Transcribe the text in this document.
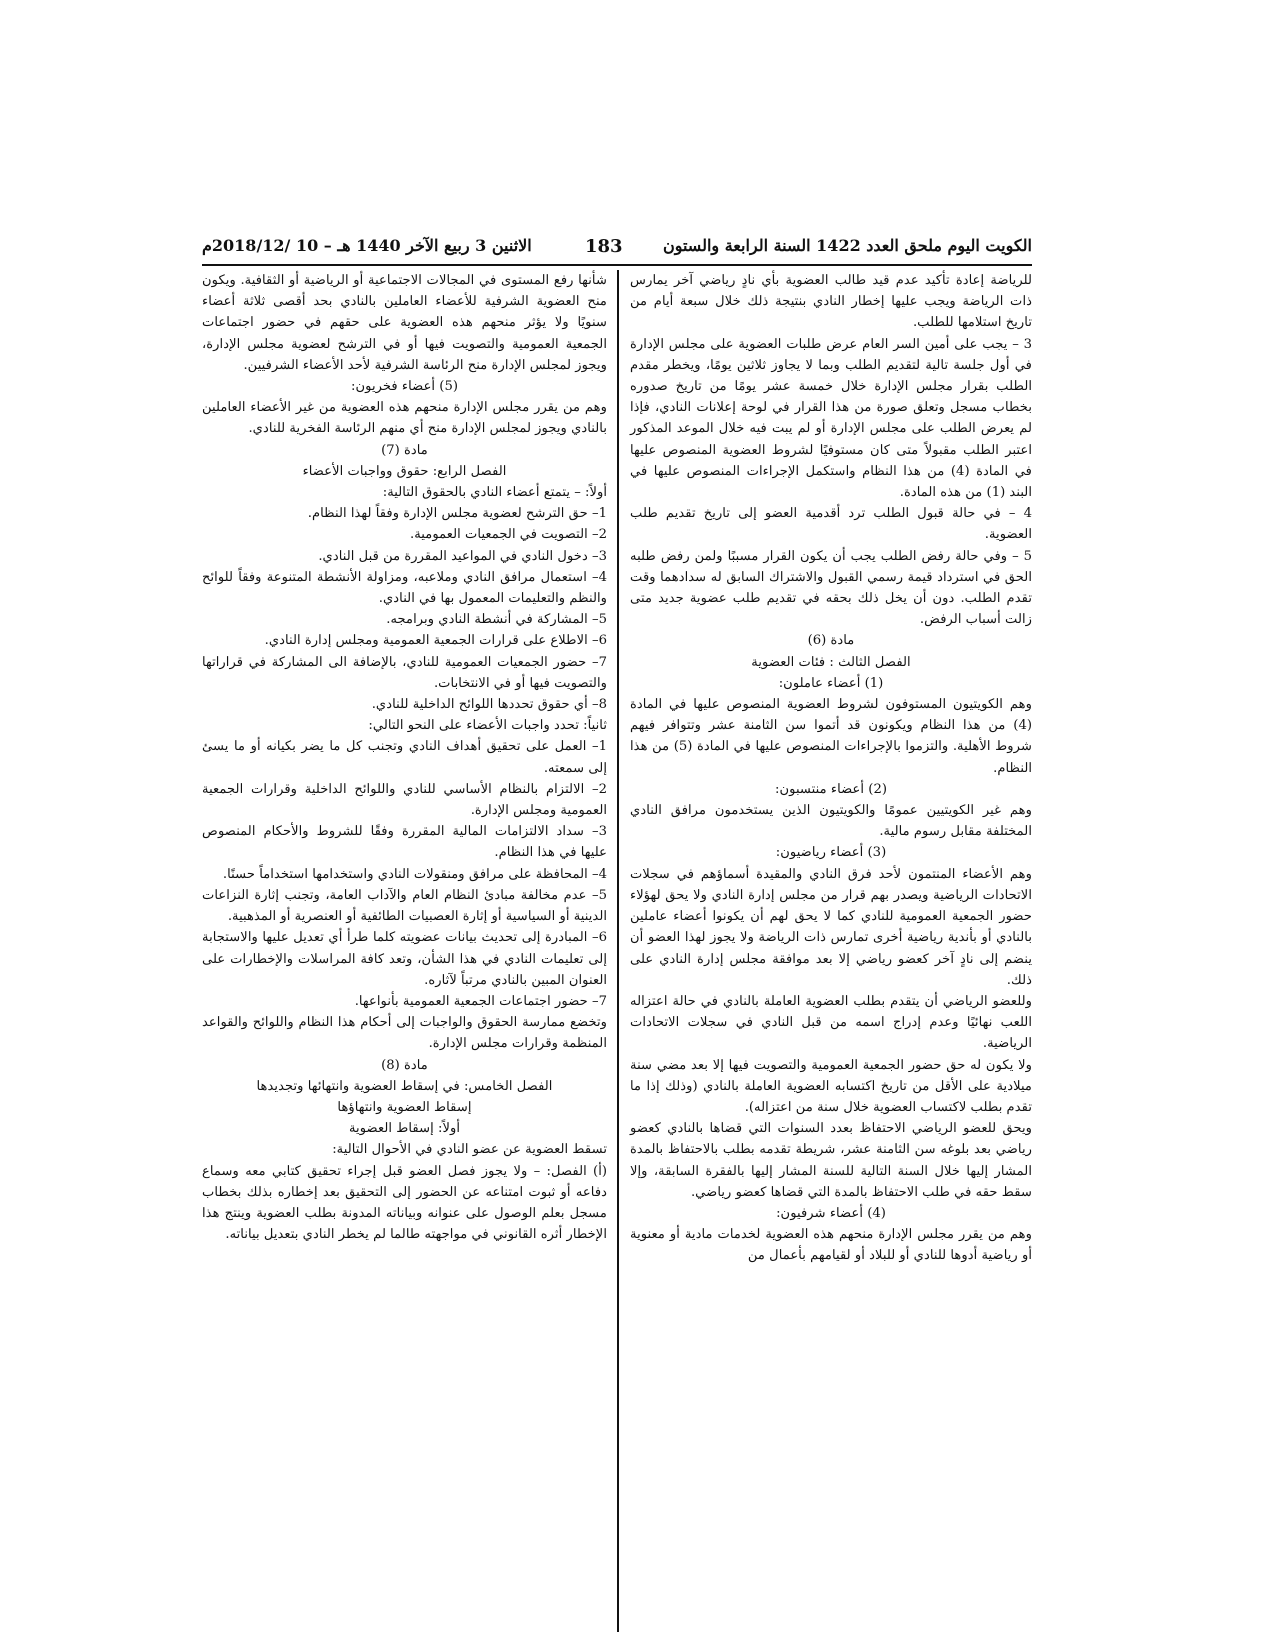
الكويت اليوم ملحق العدد 1422 السنة الرابعة والستون
183
الاثنين 3 ربيع الآخر 1440 هـ – 10 /2018/12م

للرياضة إعادة تأكيد عدم قيد طالب العضوية بأي نادٍ رياضي آخر يمارس ذات الرياضة ويجب عليها إخطار النادي بنتيجة ذلك خلال سبعة أيام من تاريخ استلامها للطلب.

3 – يجب على أمين السر العام عرض طلبات العضوية على مجلس الإدارة في أول جلسة تالية لتقديم الطلب وبما لا يجاوز ثلاثين يومًا، ويخطر مقدم الطلب بقرار مجلس الإدارة خلال خمسة عشر يومًا من تاريخ صدوره بخطاب مسجل وتعلق صورة من هذا القرار في لوحة إعلانات النادي، فإذا لم يعرض الطلب على مجلس الإدارة أو لم يبت فيه خلال الموعد المذكور اعتبر الطلب مقبولاً متى كان مستوفيًا لشروط العضوية المنصوص عليها في المادة (4) من هذا النظام واستكمل الإجراءات المنصوص عليها في البند (1) من هذه المادة.

4 – في حالة قبول الطلب ترد أقدمية العضو إلى تاريخ تقديم طلب العضوية.

5 – وفي حالة رفض الطلب يجب أن يكون القرار مسببًا ولمن رفض طلبه الحق في استرداد قيمة رسمي القبول والاشتراك السابق له سدادهما وقت تقدم الطلب. دون أن يخل ذلك بحقه في تقديم طلب عضوية جديد متى زالت أسباب الرفض.

مادة (6)

الفصل الثالث : فئات العضوية

(1) أعضاء عاملون:

وهم الكويتيون المستوفون لشروط العضوية المنصوص عليها في المادة (4) من هذا النظام ويكونون قد أتموا سن الثامنة عشر وتتوافر فيهم شروط الأهلية. والتزموا بالإجراءات المنصوص عليها في المادة (5) من هذا النظام.

(2) أعضاء منتسبون:

وهم غير الكويتيين عمومًا والكويتيون الذين يستخدمون مرافق النادي المختلفة مقابل رسوم مالية.

(3) أعضاء رياضيون:

وهم الأعضاء المنتمون لأحد فرق النادي والمقيدة أسماؤهم في سجلات الاتحادات الرياضية ويصدر بهم قرار من مجلس إدارة النادي ولا يحق لهؤلاء حضور الجمعية العمومية للنادي كما لا يحق لهم أن يكونوا أعضاء عاملين بالنادي أو بأندية رياضية أخرى تمارس ذات الرياضة ولا يجوز لهذا العضو أن ينضم إلى نادٍ آخر كعضو رياضي إلا بعد موافقة مجلس إدارة النادي على ذلك.

وللعضو الرياضي أن يتقدم بطلب العضوية العاملة بالنادي في حالة اعتزاله اللعب نهائيًا وعدم إدراج اسمه من قبل النادي في سجلات الاتحادات الرياضية.

ولا يكون له حق حضور الجمعية العمومية والتصويت فيها إلا بعد مضي سنة ميلادية على الأقل من تاريخ اكتسابه العضوية العاملة بالنادي (وذلك إذا ما تقدم بطلب لاكتساب العضوية خلال سنة من اعتزاله).

ويحق للعضو الرياضي الاحتفاظ بعدد السنوات التي قضاها بالنادي كعضو رياضي بعد بلوغه سن الثامنة عشر، شريطة تقدمه بطلب بالاحتفاظ بالمدة المشار إليها خلال السنة التالية للسنة المشار إليها بالفقرة السابقة، وإلا سقط حقه في طلب الاحتفاظ بالمدة التي قضاها كعضو رياضي.

(4) أعضاء شرفيون:

وهم من يقرر مجلس الإدارة منحهم هذه العضوية لخدمات مادية أو معنوية أو رياضية أدوها للنادي أو للبلاد أو لقيامهم بأعمال من

شأنها رفع المستوى في المجالات الاجتماعية أو الرياضية أو الثقافية. ويكون منح العضوية الشرفية للأعضاء العاملين بالنادي بحد أقصى ثلاثة أعضاء سنويًا ولا يؤثر منحهم هذه العضوية على حقهم في حضور اجتماعات الجمعية العمومية والتصويت فيها أو في الترشح لعضوية مجلس الإدارة، ويجوز لمجلس الإدارة منح الرئاسة الشرفية لأحد الأعضاء الشرفيين.

(5) أعضاء فخريون:

وهم من يقرر مجلس الإدارة منحهم هذه العضوية من غير الأعضاء العاملين بالنادي ويجوز لمجلس الإدارة منح أي منهم الرئاسة الفخرية للنادي.

مادة (7)

الفصل الرابع: حقوق وواجبات الأعضاء

أولاً: – يتمتع أعضاء النادي بالحقوق التالية:

1– حق الترشح لعضوية مجلس الإدارة وفقاً لهذا النظام.

2– التصويت في الجمعيات العمومية.

3– دخول النادي في المواعيد المقررة من قبل النادي.

4– استعمال مرافق النادي وملاعبه، ومزاولة الأنشطة المتنوعة وفقاً للوائح والنظم والتعليمات المعمول بها في النادي.

5– المشاركة في أنشطة النادي وبرامجه.

6– الاطلاع على قرارات الجمعية العمومية ومجلس إدارة النادي.

7– حضور الجمعيات العمومية للنادي، بالإضافة الى المشاركة في قراراتها والتصويت فيها أو في الانتخابات.

8– أي حقوق تحددها اللوائح الداخلية للنادي.

ثانياً: تحدد واجبات الأعضاء على النحو التالي:

1– العمل على تحقيق أهداف النادي وتجنب كل ما يضر بكيانه أو ما يسئ إلى سمعته.

2– الالتزام بالنظام الأساسي للنادي واللوائح الداخلية وقرارات الجمعية العمومية ومجلس الإدارة.

3– سداد الالتزامات المالية المقررة وفقًا للشروط والأحكام المنصوص عليها في هذا النظام.

4– المحافظة على مرافق ومنقولات النادي واستخدامها استخداماً حسنًا.

5– عدم مخالفة مبادئ النظام العام والآداب العامة، وتجنب إثارة النزاعات الدينية أو السياسية أو إثارة العصبيات الطائفية أو العنصرية أو المذهبية.

6– المبادرة إلى تحديث بيانات عضويته كلما طرأ أي تعديل عليها والاستجابة إلى تعليمات النادي في هذا الشأن، وتعد كافة المراسلات والإخطارات على العنوان المبين بالنادي مرتباً لآثاره.

7– حضور اجتماعات الجمعية العمومية بأنواعها.

وتخضع ممارسة الحقوق والواجبات إلى أحكام هذا النظام واللوائح والقواعد المنظمة وقرارات مجلس الإدارة.

مادة (8)

الفصل الخامس: في إسقاط العضوية وانتهائها وتجديدها

إسقاط العضوية وانتهاؤها

أولاً: إسقاط العضوية

تسقط العضوية عن عضو النادي في الأحوال التالية:

(أ) الفصل: – ولا يجوز فصل العضو قبل إجراء تحقيق كتابي معه وسماع دفاعه أو ثبوت امتناعه عن الحضور إلى التحقيق بعد إخطاره بذلك بخطاب مسجل بعلم الوصول على عنوانه وبياناته المدونة بطلب العضوية وينتج هذا الإخطار أثره القانوني في مواجهته طالما لم يخطر النادي بتعديل بياناته.
